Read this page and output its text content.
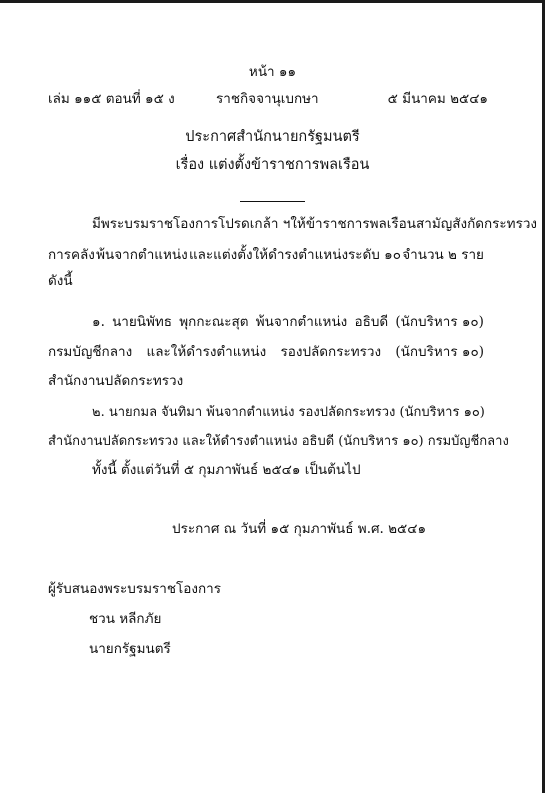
หน้า ๑๑
เล่ม ๑๑๕ ตอนที่ ๑๕ ง	ราชกิจจานุเบกษา	๕ มีนาคม ๒๕๔๑
ประกาศสำนักนายกรัฐมนตรี
เรื่อง แต่งตั้งข้าราชการพลเรือน
มีพระบรมราชโองการโปรดเกล้า ฯ ให้ข้าราชการพลเรือนสามัญ สังกัดกระทรวง
การคลัง พ้นจากตำแหน่ง และแต่งตั้งให้ดำรงตำแหน่งระดับ ๑๐ จำนวน ๒ ราย
ดังนี้
๑. นายนิพัทธ พุกกะณะสุต พ้นจากตำแหน่ง อธิบดี (นักบริหาร ๑๐)
กรมบัญชีกลาง และให้ดำรงตำแหน่ง รองปลัดกระทรวง (นักบริหาร ๑๐)
สำนักงานปลัดกระทรวง
๒. นายกมล จันทิมา พ้นจากตำแหน่ง รองปลัดกระทรวง (นักบริหาร ๑๐)
สำนักงานปลัดกระทรวง และให้ดำรงตำแหน่ง อธิบดี (นักบริหาร ๑๐) กรมบัญชีกลาง
ทั้งนี้ ตั้งแต่วันที่ ๕ กุมภาพันธ์ ๒๕๔๑ เป็นต้นไป
ประกาศ ณ วันที่ ๑๕ กุมภาพันธ์ พ.ศ. ๒๕๔๑
ผู้รับสนองพระบรมราชโองการ
ชวน หลีกภัย
นายกรัฐมนตรี
